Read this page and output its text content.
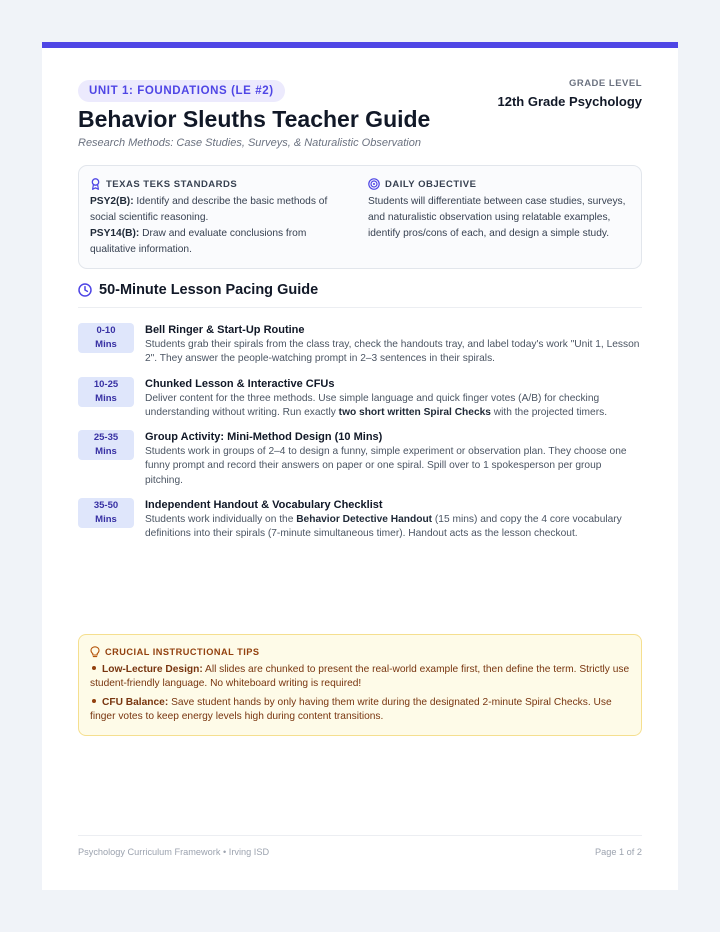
UNIT 1: FOUNDATIONS (LE #2)
GRADE LEVEL
12th Grade Psychology
Behavior Sleuths Teacher Guide
Research Methods: Case Studies, Surveys, & Naturalistic Observation
TEXAS TEKS STANDARDS
PSY2(B): Identify and describe the basic methods of social scientific reasoning.
PSY14(B): Draw and evaluate conclusions from qualitative information.
DAILY OBJECTIVE
Students will differentiate between case studies, surveys, and naturalistic observation using relatable examples, identify pros/cons of each, and design a simple study.
50-Minute Lesson Pacing Guide
0-10
Mins
Bell Ringer & Start-Up Routine
Students grab their spirals from the class tray, check the handouts tray, and label today's work "Unit 1, Lesson 2". They answer the people-watching prompt in 2–3 sentences in their spirals.
10-25
Mins
Chunked Lesson & Interactive CFUs
Deliver content for the three methods. Use simple language and quick finger votes (A/B) for checking understanding without writing. Run exactly two short written Spiral Checks with the projected timers.
25-35
Mins
Group Activity: Mini-Method Design (10 Mins)
Students work in groups of 2–4 to design a funny, simple experiment or observation plan. They choose one funny prompt and record their answers on paper or one spiral. Spill over to 1 spokesperson per group pitching.
35-50
Mins
Independent Handout & Vocabulary Checklist
Students work individually on the Behavior Detective Handout (15 mins) and copy the 4 core vocabulary definitions into their spirals (7-minute simultaneous timer). Handout acts as the lesson checkout.
CRUCIAL INSTRUCTIONAL TIPS
Low-Lecture Design: All slides are chunked to present the real-world example first, then define the term. Strictly use student-friendly language. No whiteboard writing is required!
CFU Balance: Save student hands by only having them write during the designated 2-minute Spiral Checks. Use finger votes to keep energy levels high during content transitions.
Psychology Curriculum Framework • Irving ISD	Page 1 of 2
